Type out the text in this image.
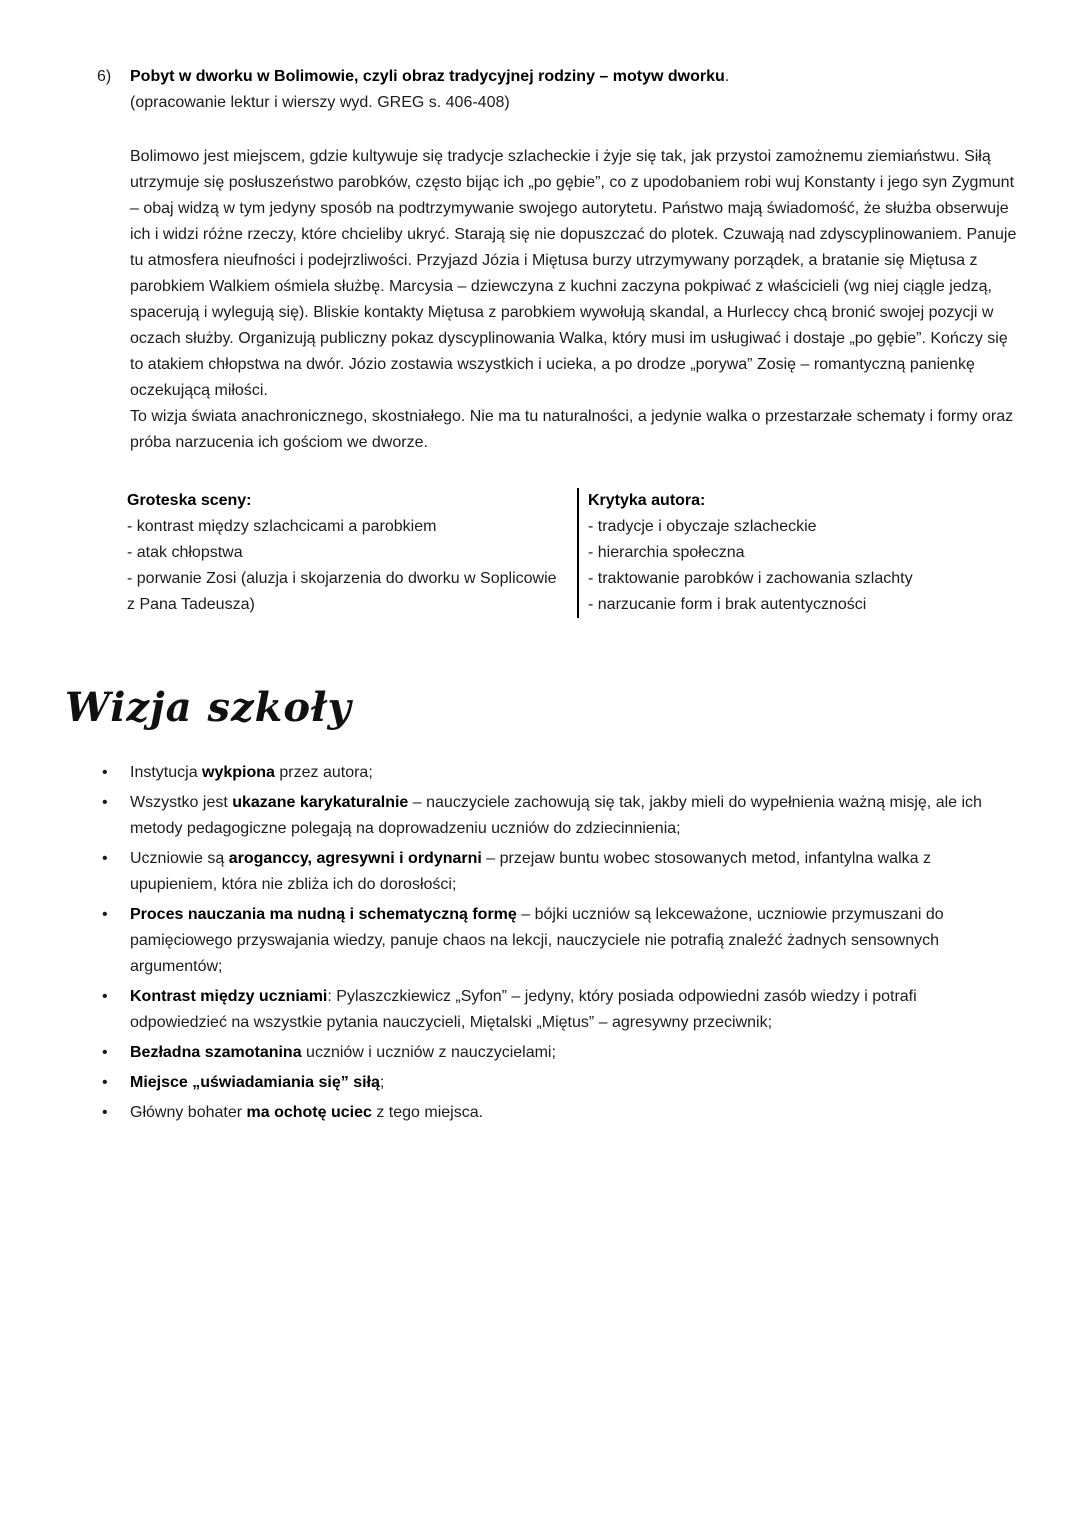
6) Pobyt w dworku w Bolimowie, czyli obraz tradycyjnej rodziny – motyw dworku.
(opracowanie lektur i wierszy wyd. GREG s. 406-408)

Bolimowo jest miejscem, gdzie kultywuje się tradycje szlacheckie i żyje się tak, jak przystoi zamożnemu ziemiaństwu. Siłą utrzymuje się posłuszeństwo parobków, często bijąc ich „po gębie”, co z upodobaniem robi wuj Konstanty i jego syn Zygmunt – obaj widzą w tym jedyny sposób na podtrzymywanie swojego autorytetu. Państwo mają świadomość, że służba obserwuje ich i widzi różne rzeczy, które chcieliby ukryć. Starają się nie dopuszczać do plotek. Czuwają nad zdyscyplinowaniem. Panuje tu atmosfera nieufności i podejrzliwości. Przyjazd Józia i Miętusa burzy utrzymywany porządek, a bratanie się Miętusa z parobkiem Walkiem ośmiela służbę. Marcysia – dziewczyna z kuchni zaczyna pokpiwać z właścicieli (wg niej ciągle jedzą, spacerują i wylegują się). Bliskie kontakty Miętusa z parobkiem wywołują skandal, a Hurleccy chcą bronić swojej pozycji w oczach służby. Organizują publiczny pokaz dyscyplinowania Walka, który musi im usługiwać i dostaje „po gębie”. Kończy się to atakiem chłopstwa na dwór. Józio zostawia wszystkich i ucieka, a po drodze „porywa” Zosię – romantyczną panienkę oczekującą miłości.

To wizja świata anachronicznego, skostniałego. Nie ma tu naturalności, a jedynie walka o przestarzałe schematy i formy oraz próba narzucenia ich gościom we dworze.

Groteska sceny:
- kontrast między szlachcicami a parobkiem
- atak chłopstwa
- porwanie Zosi (aluzja i skojarzenia do dworku w Soplicowie z Pana Tadeusza)
Krytyka autora:
- tradycje i obyczaje szlacheckie
- hierarchia społeczna
- traktowanie parobków i zachowania szlachty
- narzucanie form i brak autentyczności
Wizja szkoły
• Instytucja wykpiona przez autora;
• Wszystko jest ukazane karykaturalnie – nauczyciele zachowują się tak, jakby mieli do wypełnienia ważną misję, ale ich metody pedagogiczne polegają na doprowadzeniu uczniów do zdziecinnienia;
• Uczniowie są aroganccy, agresywni i ordynarni – przejaw buntu wobec stosowanych metod, infantylna walka z upupieniem, która nie zbliża ich do dorosłości;
• Proces nauczania ma nudną i schematyczną formę – bójki uczniów są lekceważone, uczniowie przymuszani do pamięciowego przyswajania wiedzy, panuje chaos na lekcji, nauczyciele nie potrafią znaleźć żadnych sensownych argumentów;
• Kontrast między uczniami: Pylaszczkiewicz „Syfon” – jedyny, który posiada odpowiedni zasób wiedzy i potrafi odpowiedzieć na wszystkie pytania nauczycieli, Miętalski „Miętus” – agresywny przeciwnik;
• Bezładna szamotanina uczniów i uczniów z nauczycielami;
• Miejsce „uświadamiania się” siłą;
• Główny bohater ma ochotę uciec z tego miejsca.
